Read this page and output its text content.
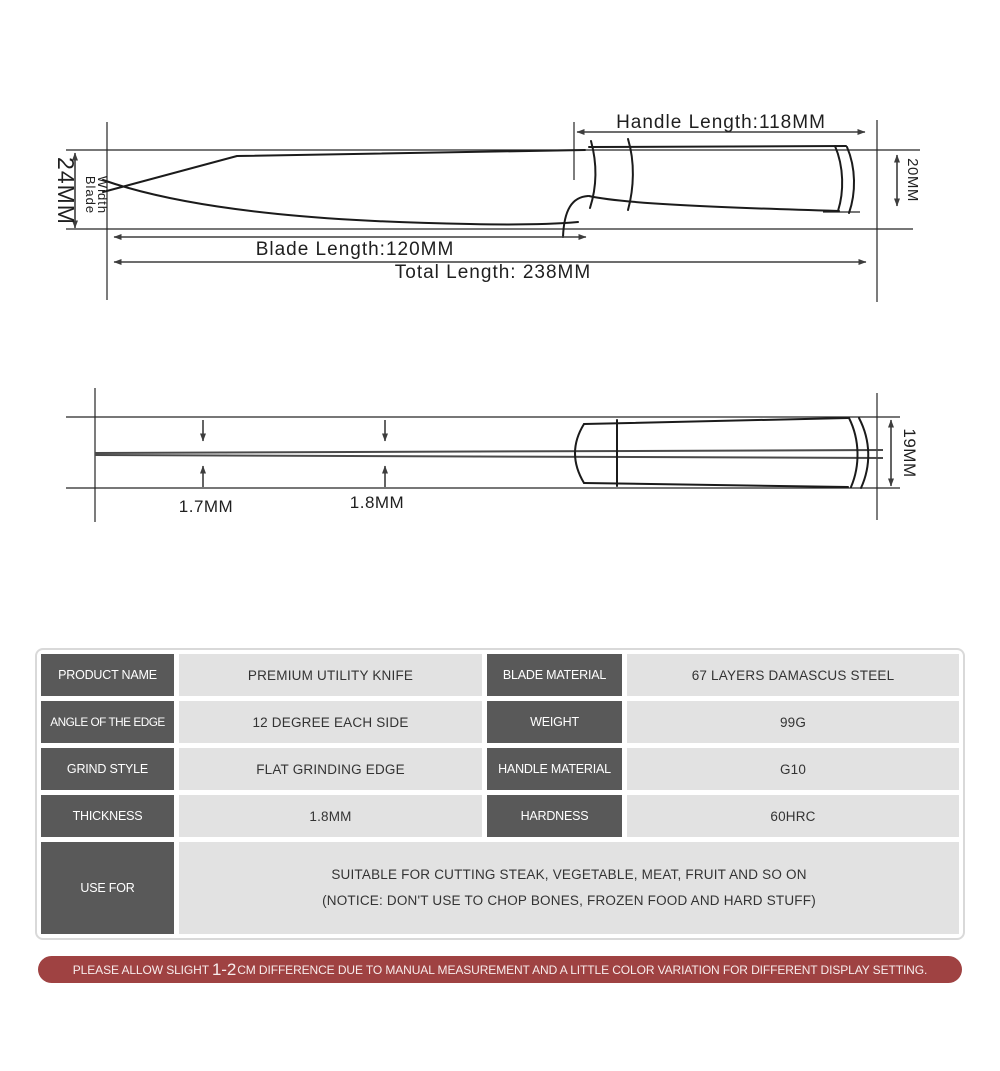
Handle Length:118MM
Blade Length:120MM
Total Length: 238MM
24MM Blade
Width	20MM
1.7MM	1.8MM
19MM
PRODUCT NAME	PREMIUM UTILITY KNIFE	BLADE MATERIAL	67 LAYERS DAMASCUS STEEL
ANGLE OF THE EDGE	12 DEGREE EACH SIDE	WEIGHT	99G
GRIND STYLE	FLAT GRINDING EDGE	HANDLE MATERIAL	G10
THICKNESS	1.8MM	HARDNESS	60HRC
USE FOR
SUITABLE FOR CUTTING STEAK, VEGETABLE, MEAT, FRUIT AND SO ON
(NOTICE: DON'T USE TO CHOP BONES, FROZEN FOOD AND HARD STUFF)
PLEASE ALLOW SLIGHT 1-2 CM DIFFERENCE DUE TO MANUAL MEASUREMENT AND A LITTLE COLOR VARIATION FOR DIFFERENT DISPLAY SETTING.
